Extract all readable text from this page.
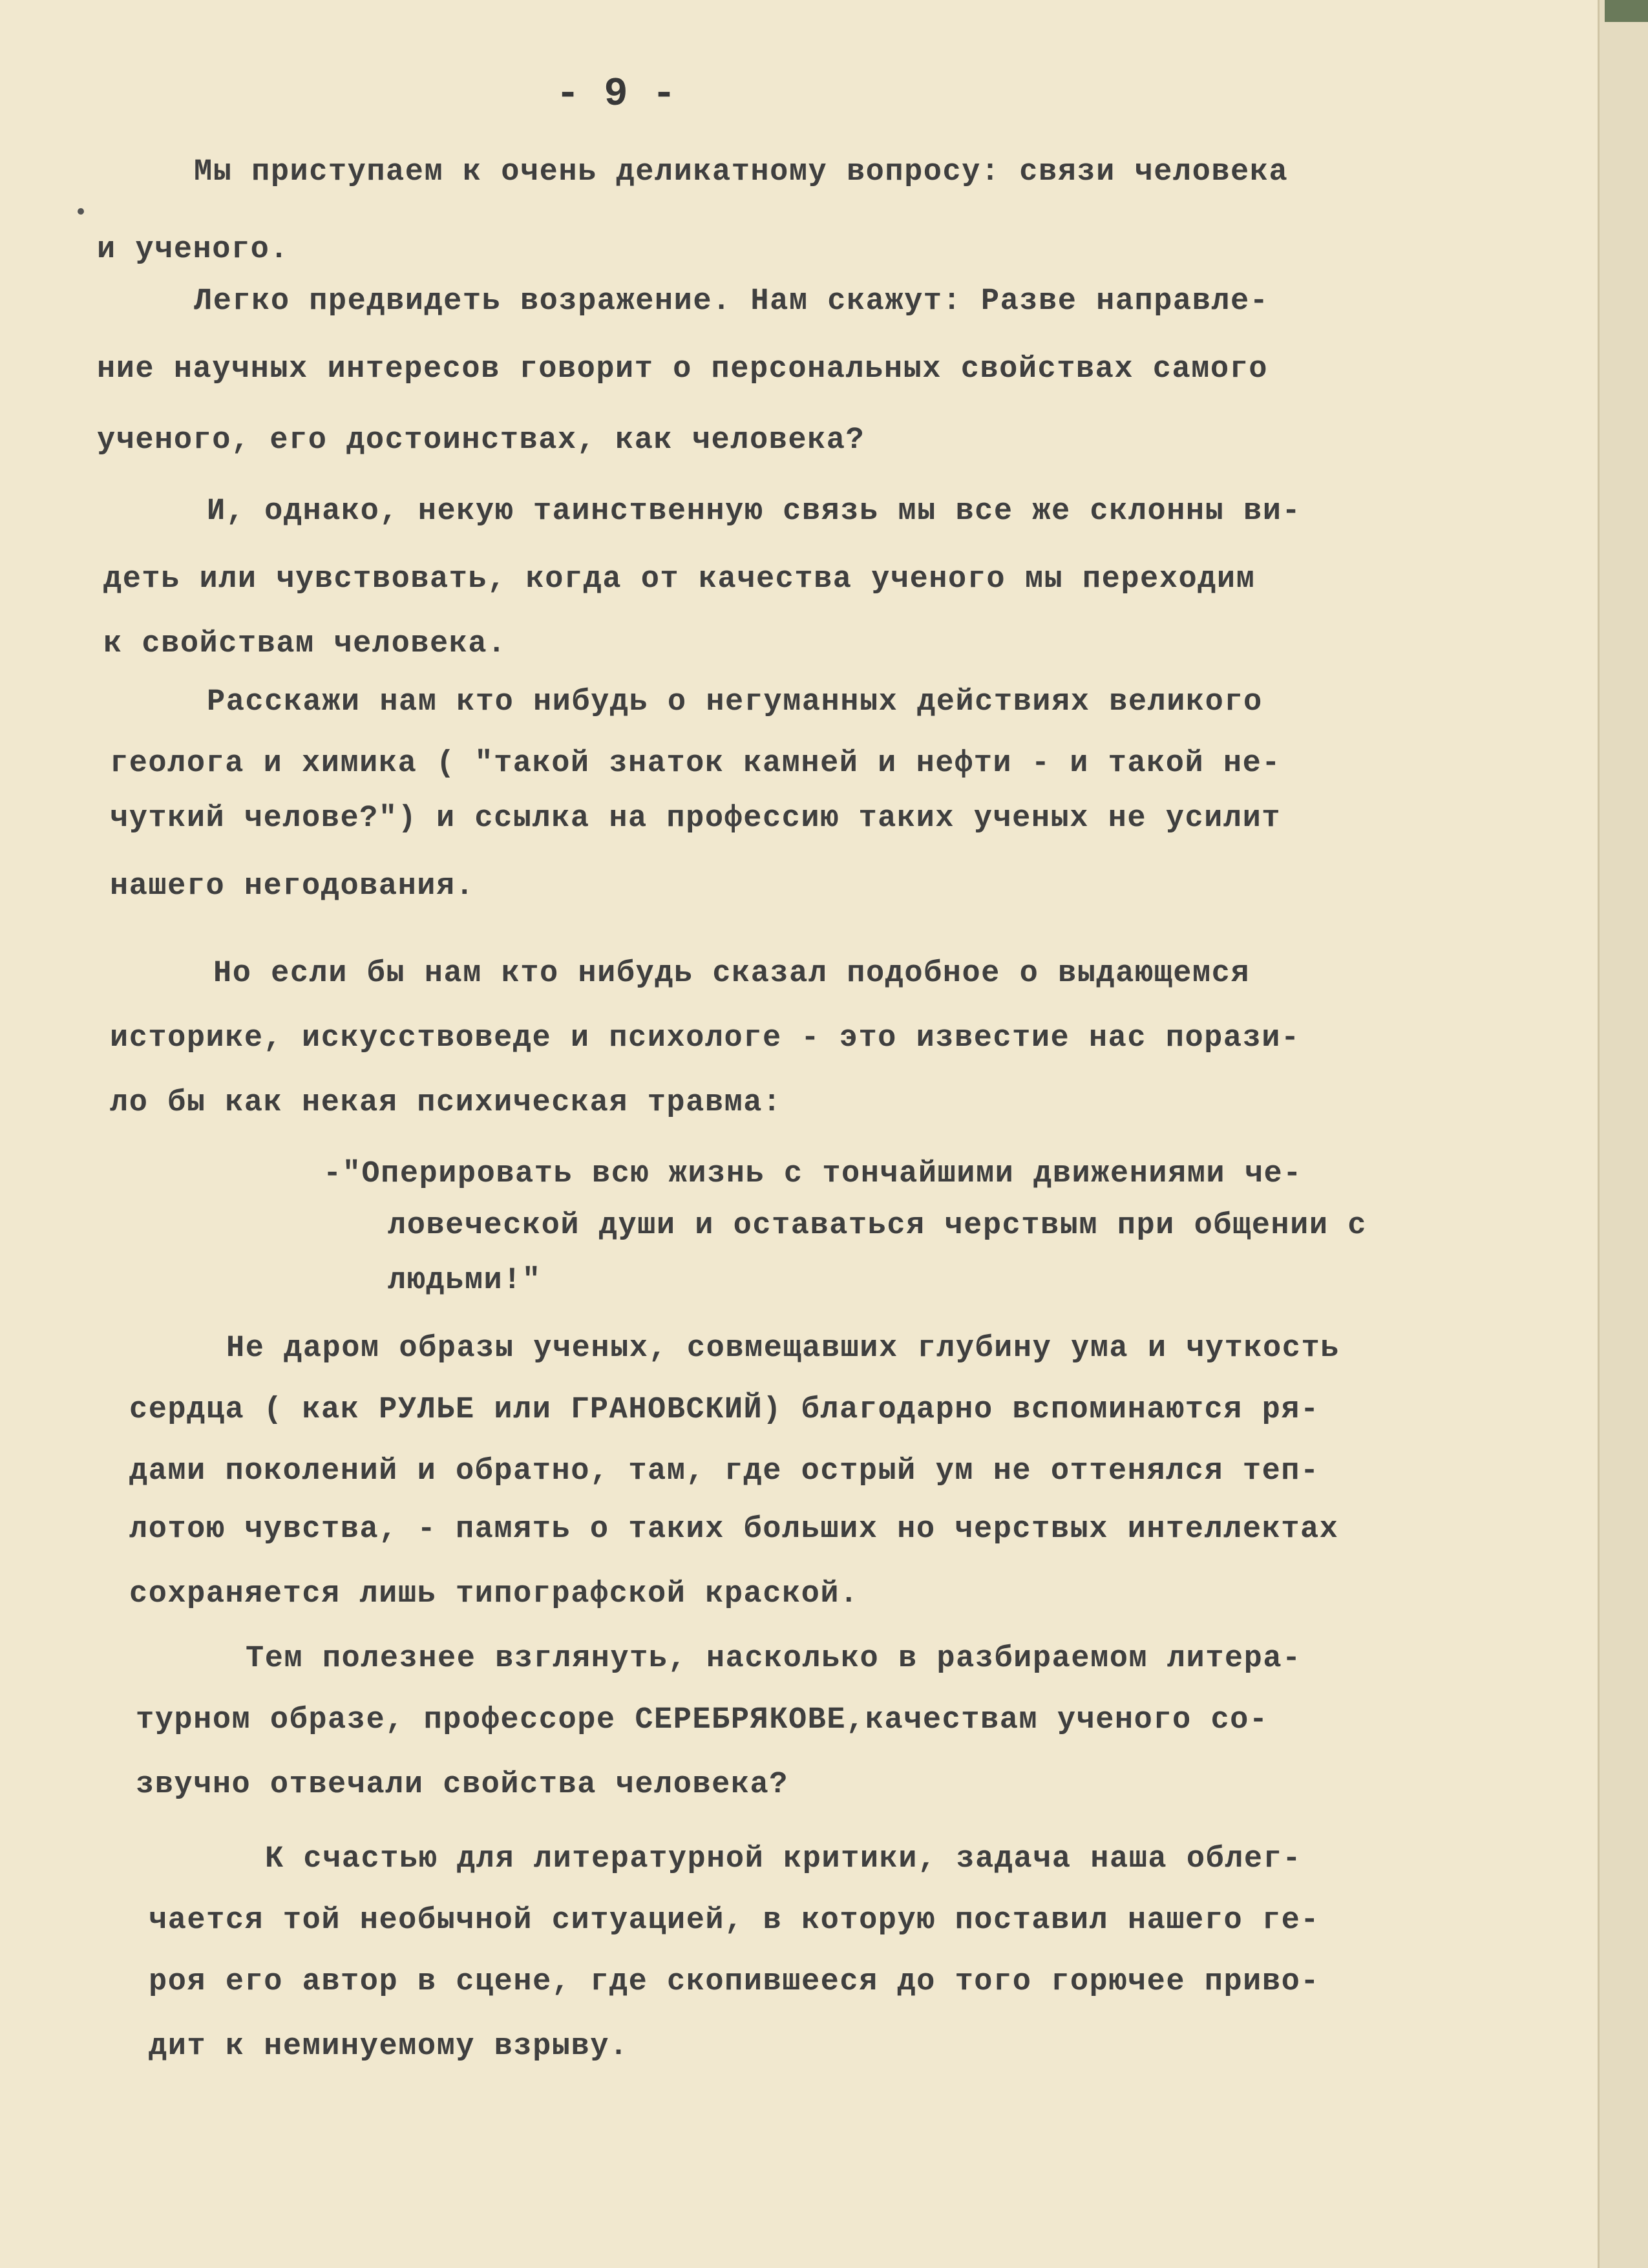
- 9 -

Мы приступаем к очень деликатному вопросу: связи человека

и ученого.

Легко предвидеть возражение. Нам скажут: Разве направле-

ние научных интересов говорит о персональных свойствах самого

ученого, его достоинствах, как человека?

И, однако, некую таинственную связь мы все же склонны ви-

деть или чувствовать, когда от качества ученого мы переходим

к свойствам человека.

Расскажи нам кто нибудь о негуманных действиях великого

геолога и химика ( "такой знаток камней и нефти - и такой не-

чуткий челове?") и ссылка на профессию таких ученых не усилит

нашего негодования.

Но если бы нам кто нибудь сказал подобное о выдающемся

историке, искусствоведе и психологе - это известие нас порази-

ло бы как некая психическая травма:

-"Оперировать всю жизнь с тончайшими движениями че-

ловеческой души и оставаться черствым при общении с

людьми!"

Не даром образы ученых, совмещавших глубину ума и чуткость

сердца ( как РУЛЬЕ или ГРАНОВСКИЙ) благодарно вспоминаются ря-

дами поколений и обратно, там, где острый ум не оттенялся теп-

лотою чувства, - память о таких больших но черствых интеллектах

сохраняется лишь типографской краской.

Тем полезнее взглянуть, насколько в разбираемом литера-

турном образе, профессоре СЕРЕБРЯКОВЕ,качествам ученого со-

звучно отвечали свойства человека?

К счастью для литературной критики, задача наша облег-

чается той необычной ситуацией, в которую поставил нашего ге-

роя его автор в сцене, где скопившееся до того горючее приво-

дит к неминуемому взрыву.
